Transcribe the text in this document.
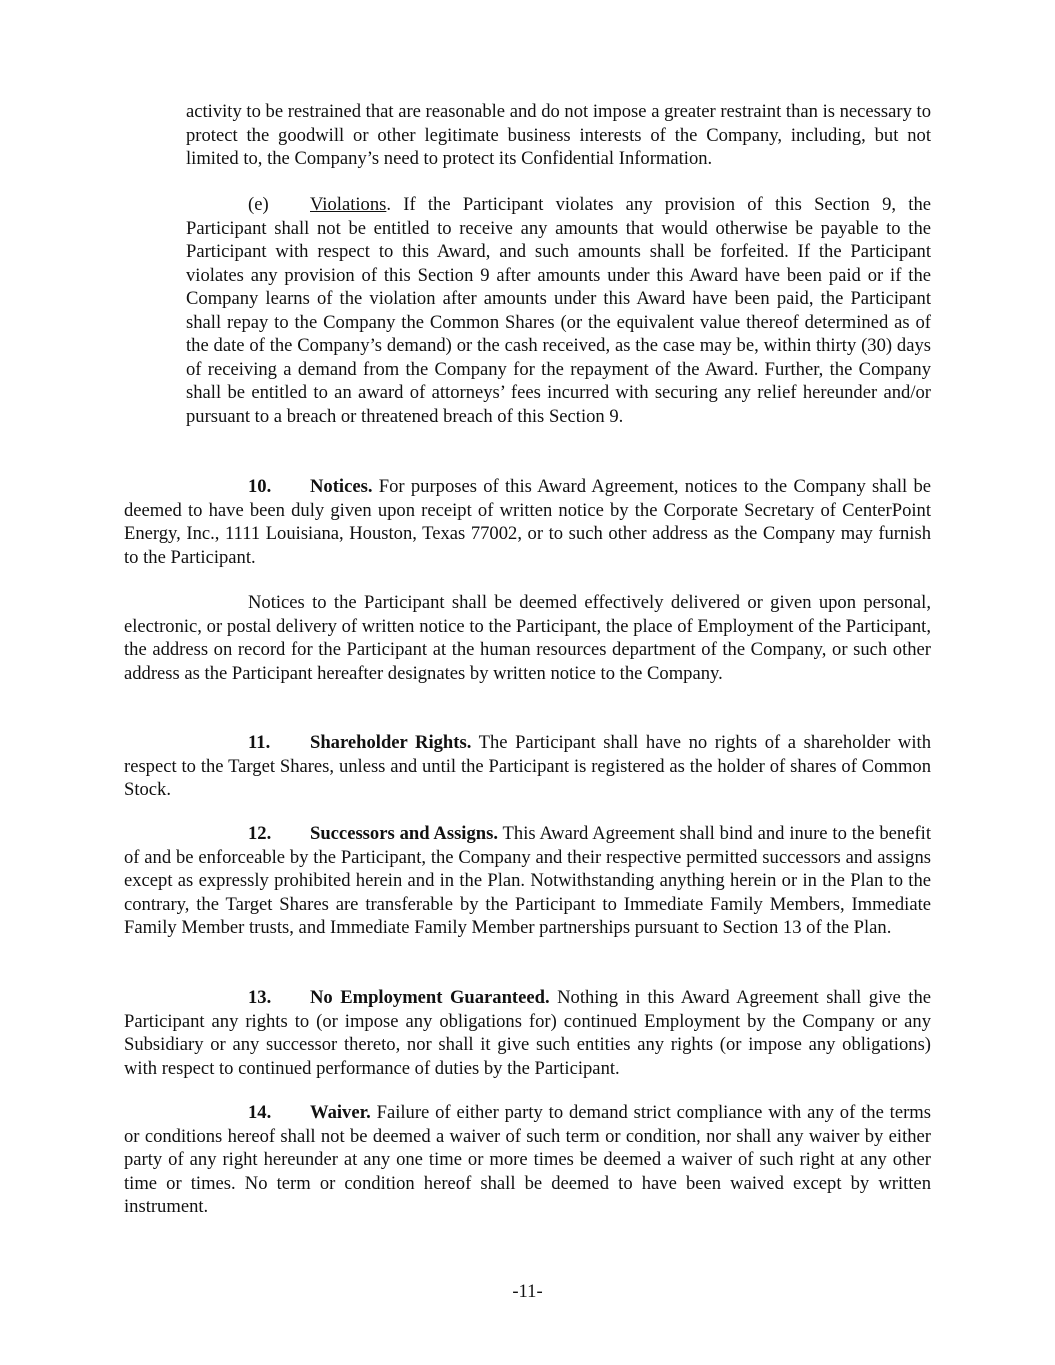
activity to be restrained that are reasonable and do not impose a greater restraint than is necessary to protect the goodwill or other legitimate business interests of the Company, including, but not limited to, the Company’s need to protect its Confidential Information.

(e) Violations. If the Participant violates any provision of this Section 9, the Participant shall not be entitled to receive any amounts that would otherwise be payable to the Participant with respect to this Award, and such amounts shall be forfeited. If the Participant violates any provision of this Section 9 after amounts under this Award have been paid or if the Company learns of the violation after amounts under this Award have been paid, the Participant shall repay to the Company the Common Shares (or the equivalent value thereof determined as of the date of the Company’s demand) or the cash received, as the case may be, within thirty (30) days of receiving a demand from the Company for the repayment of the Award. Further, the Company shall be entitled to an award of attorneys’ fees incurred with securing any relief hereunder and/or pursuant to a breach or threatened breach of this Section 9.

10. Notices. For purposes of this Award Agreement, notices to the Company shall be deemed to have been duly given upon receipt of written notice by the Corporate Secretary of CenterPoint Energy, Inc., 1111 Louisiana, Houston, Texas 77002, or to such other address as the Company may furnish to the Participant.

Notices to the Participant shall be deemed effectively delivered or given upon personal, electronic, or postal delivery of written notice to the Participant, the place of Employment of the Participant, the address on record for the Participant at the human resources department of the Company, or such other address as the Participant hereafter designates by written notice to the Company.

11. Shareholder Rights. The Participant shall have no rights of a shareholder with respect to the Target Shares, unless and until the Participant is registered as the holder of shares of Common Stock.

12. Successors and Assigns. This Award Agreement shall bind and inure to the benefit of and be enforceable by the Participant, the Company and their respective permitted successors and assigns except as expressly prohibited herein and in the Plan. Notwithstanding anything herein or in the Plan to the contrary, the Target Shares are transferable by the Participant to Immediate Family Members, Immediate Family Member trusts, and Immediate Family Member partnerships pursuant to Section 13 of the Plan.

13. No Employment Guaranteed. Nothing in this Award Agreement shall give the Participant any rights to (or impose any obligations for) continued Employment by the Company or any Subsidiary or any successor thereto, nor shall it give such entities any rights (or impose any obligations) with respect to continued performance of duties by the Participant.

14. Waiver. Failure of either party to demand strict compliance with any of the terms or conditions hereof shall not be deemed a waiver of such term or condition, nor shall any waiver by either party of any right hereunder at any one time or more times be deemed a waiver of such right at any other time or times. No term or condition hereof shall be deemed to have been waived except by written instrument.

-11-
